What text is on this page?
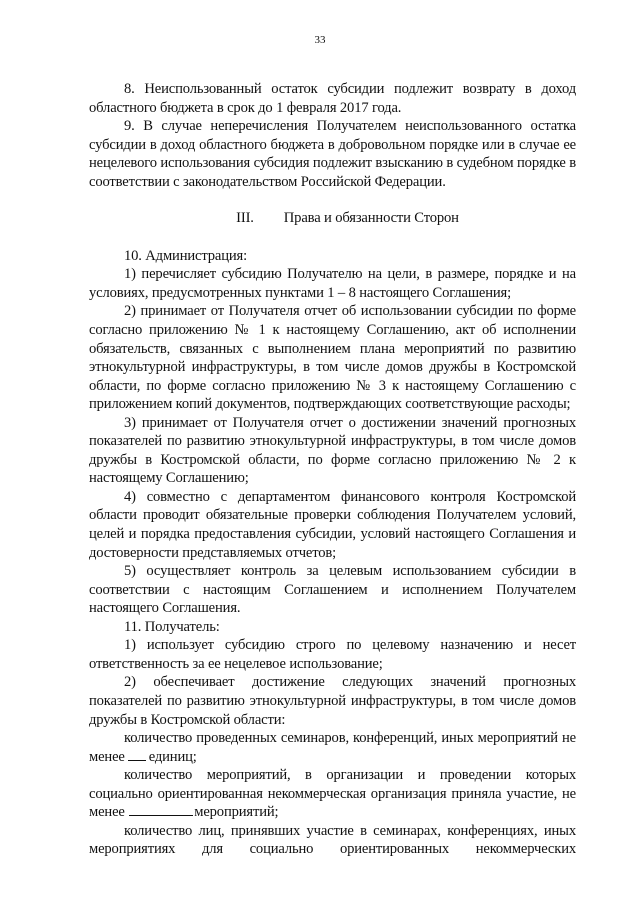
33

8. Неиспользованный остаток субсидии подлежит возврату в доход областного бюджета в срок до 1 февраля 2017 года.

9. В случае неперечисления Получателем неиспользованного остатка субсидии в доход областного бюджета в добровольном порядке или в случае ее нецелевого использования субсидия подлежит взысканию в судебном порядке в соответствии с законодательством Российской Федерации.

III. Права и обязанности Сторон

10. Администрация:

1) перечисляет субсидию Получателю на цели, в размере, порядке и на условиях, предусмотренных пунктами 1 – 8 настоящего Соглашения;

2) принимает от Получателя отчет об использовании субсидии по форме согласно приложению № 1 к настоящему Соглашению, акт об исполнении обязательств, связанных с выполнением плана мероприятий по развитию этнокультурной инфраструктуры, в том числе домов дружбы в Костромской области, по форме согласно приложению № 3 к настоящему Соглашению с приложением копий документов, подтверждающих соответствующие расходы;

3) принимает от Получателя отчет о достижении значений прогнозных показателей по развитию этнокультурной инфраструктуры, в том числе домов дружбы в Костромской области, по форме согласно приложению № 2 к настоящему Соглашению;

4) совместно с департаментом финансового контроля Костромской области проводит обязательные проверки соблюдения Получателем условий, целей и порядка предоставления субсидии, условий настоящего Соглашения и достоверности представляемых отчетов;

5) осуществляет контроль за целевым использованием субсидии в соответствии с настоящим Соглашением и исполнением Получателем настоящего Соглашения.

11. Получатель:

1) использует субсидию строго по целевому назначению и несет ответственность за ее нецелевое использование;

2) обеспечивает достижение следующих значений прогнозных показателей по развитию этнокультурной инфраструктуры, в том числе домов дружбы в Костромской области:

количество проведенных семинаров, конференций, иных мероприятий не менее единиц;

количество мероприятий, в организации и проведении которых социально ориентированная некоммерческая организация приняла участие, не менее	мероприятий;

количество лиц, принявших участие в семинарах, конференциях, иных мероприятиях для социально ориентированных некоммерческих
